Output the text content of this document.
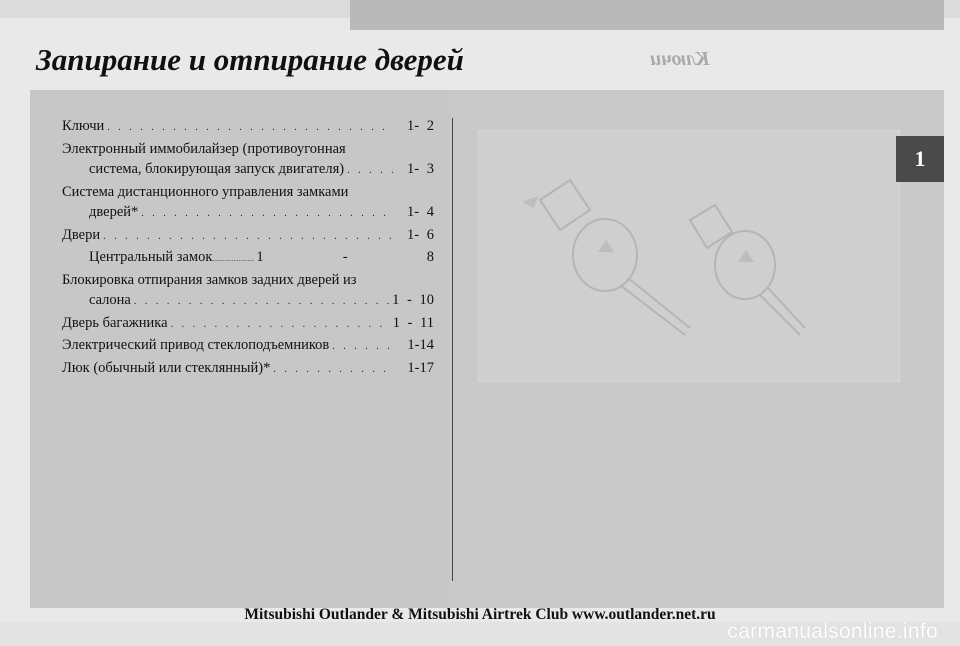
Ключи
Запирание и отпирание дверей
1
Ключи . . .	1- 2
Электронный иммобилайзер (противоугонная
система, блокирующая запуск двигателя) . . .	1- 3
Система дистанционного управления замками
дверей* . . .	1- 4
Двери . . .	1- 6
Центральный замок ........................ 1	-	8
Блокировка отпирания замков задних дверей из
салона . . .	1 - 10
Дверь багажника . . .	1 - 11
Электрический привод стеклоподъемников . . .	1-14
Люк (обычный или стеклянный)* . . .	1-17
Mitsubishi Outlander & Mitsubishi Airtrek Club www.outlander.net.ru
carmanualsonline.info
